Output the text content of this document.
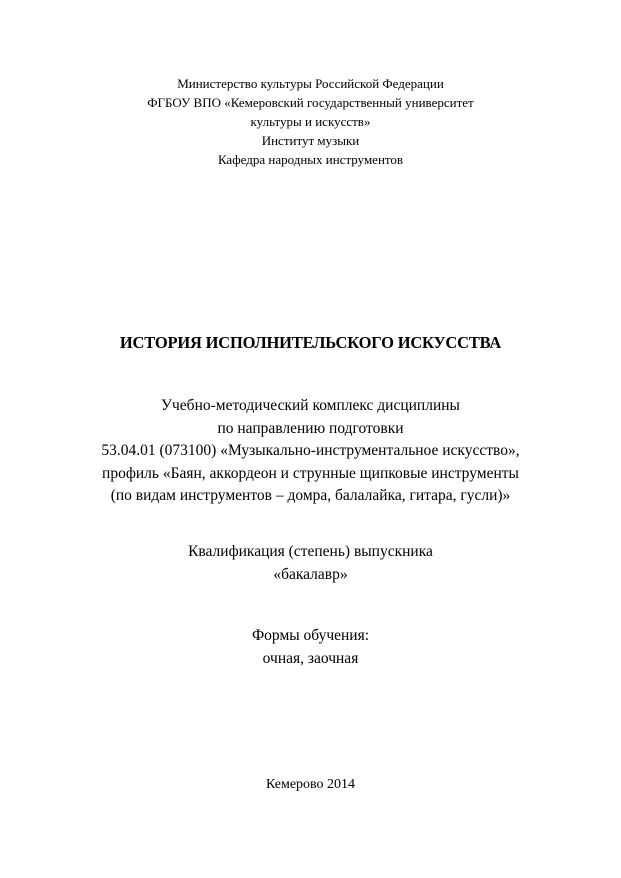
Министерство культуры Российской Федерации
ФГБОУ ВПО «Кемеровский государственный университет
культуры и искусств»
Институт музыки
Кафедра народных инструментов
ИСТОРИЯ ИСПОЛНИТЕЛЬСКОГО ИСКУССТВА
Учебно-методический комплекс дисциплины
по направлению подготовки
53.04.01 (073100) «Музыкально-инструментальное искусство»,
профиль «Баян, аккордеон и струнные щипковые инструменты
(по видам инструментов – домра, балалайка, гитара, гусли)»
Квалификация (степень) выпускника
«бакалавр»
Формы обучения:
очная, заочная
Кемерово 2014
